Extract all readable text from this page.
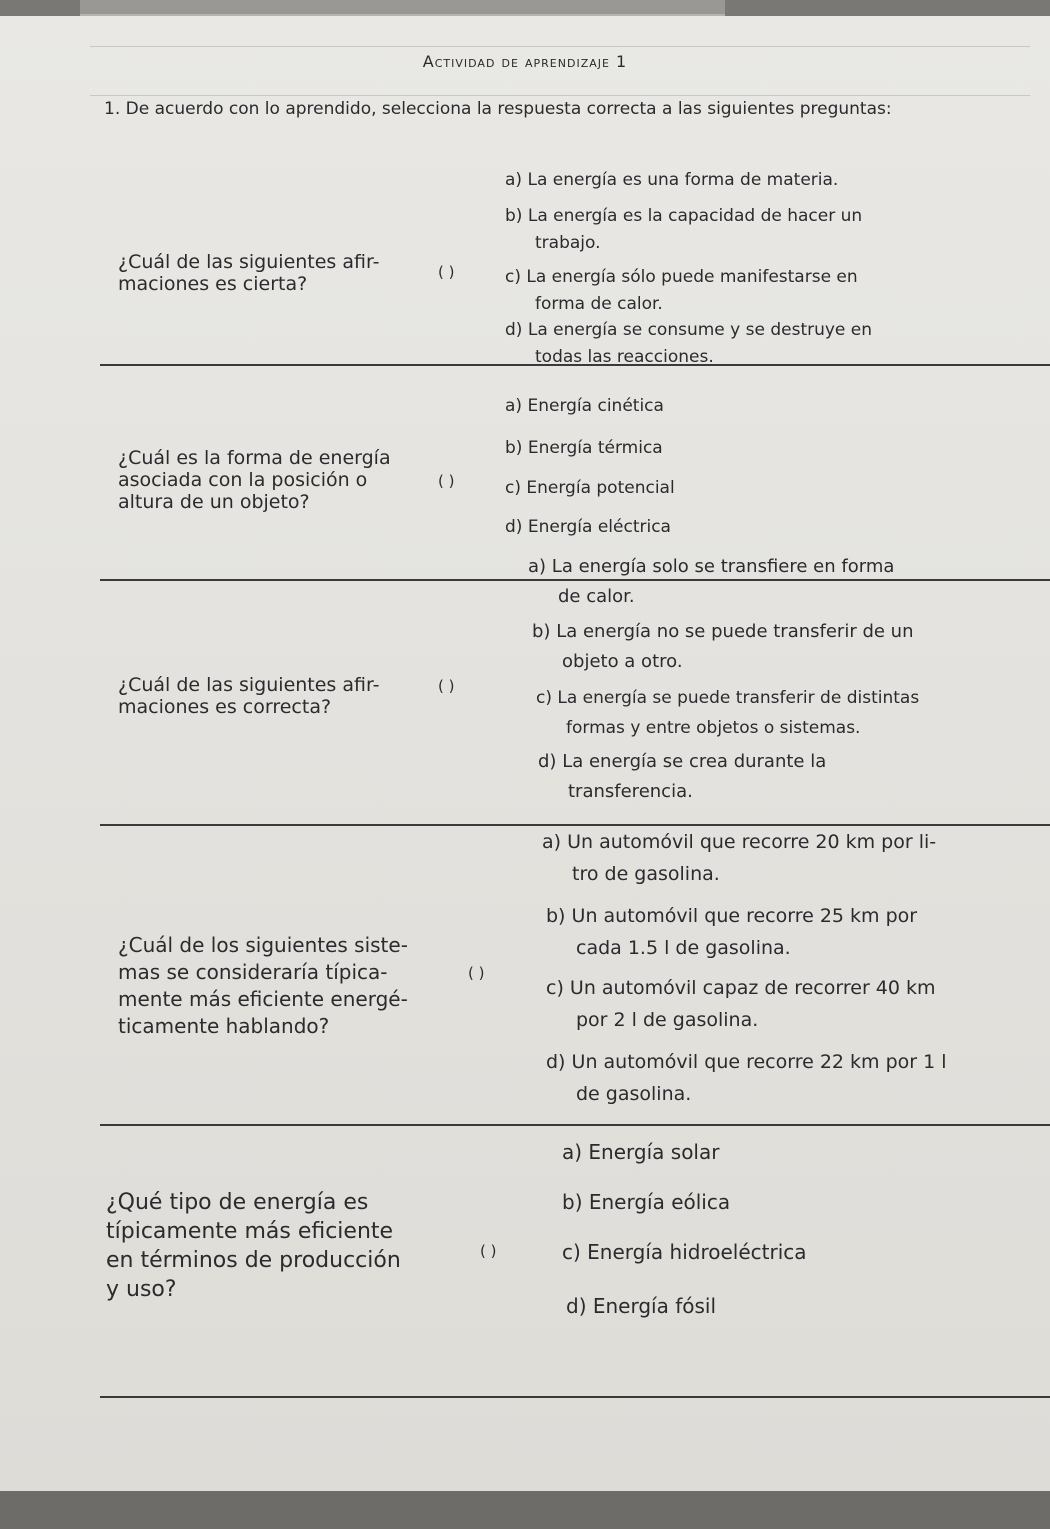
Actividad de aprendizaje 1
1. De acuerdo con lo aprendido, selecciona la respuesta correcta a las siguientes preguntas:
¿Cuál de las siguientes afir-
maciones es cierta?
( )
a) La energía es una forma de materia.
b) La energía es la capacidad de hacer un
trabajo.
c) La energía sólo puede manifestarse en
forma de calor.
d) La energía se consume y se destruye en
todas las reacciones.
¿Cuál es la forma de energía
asociada con la posición o
altura de un objeto?
( )
a) Energía cinética
b) Energía térmica
c) Energía potencial
d) Energía eléctrica
¿Cuál de las siguientes afir-
maciones es correcta?
( )
a) La energía solo se transfiere en forma
de calor.
b) La energía no se puede transferir de un
objeto a otro.
c) La energía se puede transferir de distintas
formas y entre objetos o sistemas.
d) La energía se crea durante la
transferencia.
¿Cuál de los siguientes siste-
mas se consideraría típica-
mente más eficiente energé-
ticamente hablando?
( )
a) Un automóvil que recorre 20 km por li-
tro de gasolina.
b) Un automóvil que recorre 25 km por
cada 1.5 l de gasolina.
c) Un automóvil capaz de recorrer 40 km
por 2 l de gasolina.
d) Un automóvil que recorre 22 km por 1 l
de gasolina.
¿Qué tipo de energía es
típicamente más eficiente
en términos de producción
y uso?
( )
a) Energía solar
b) Energía eólica
c) Energía hidroeléctrica
d) Energía fósil
